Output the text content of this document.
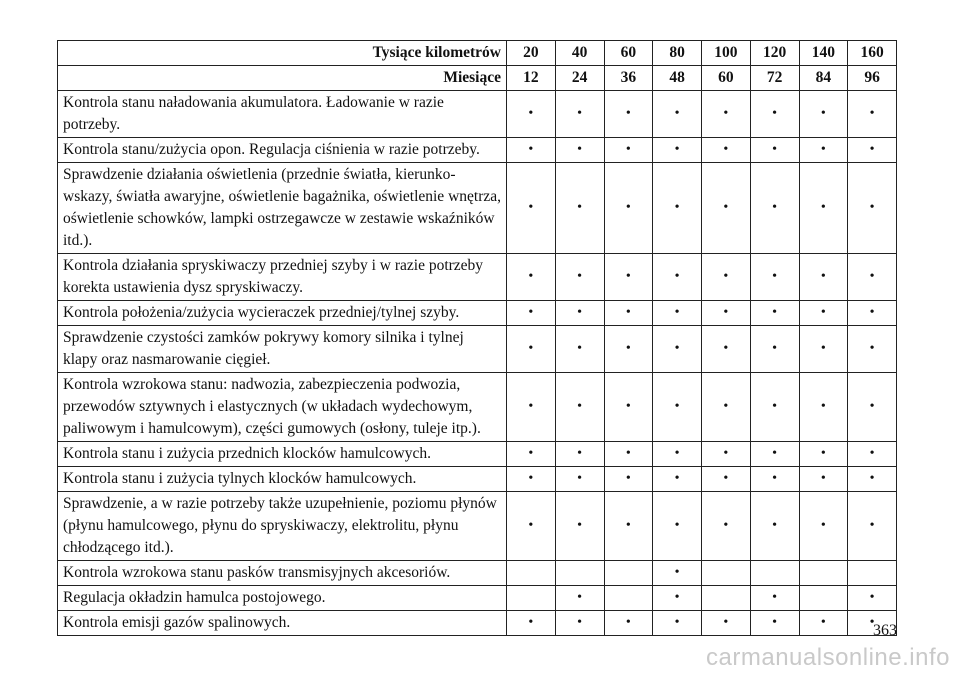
Tysiące kilometrów	20	40	60	80	100	120	140	160
Miesiące	12	24	36	48	60	72	84	96
Kontrola stanu naładowania akumulatora. Ładowanie w razie potrzeby.	•	•	•	•	•	•	•	•
Kontrola stanu/zużycia opon. Regulacja ciśnienia w razie potrzeby.	•	•	•	•	•	•	•	•
Sprawdzenie działania oświetlenia (przednie światła, kierunko-wskazy, światła awaryjne, oświetlenie bagażnika, oświetlenie wnętrza, oświetlenie schowków, lampki ostrzegawcze w zestawie wskaźników itd.).	•	•	•	•	•	•	•	•
Kontrola działania spryskiwaczy przedniej szyby i w razie potrzeby korekta ustawienia dysz spryskiwaczy.	•	•	•	•	•	•	•	•
Kontrola położenia/zużycia wycieraczek przedniej/tylnej szyby.	•	•	•	•	•	•	•	•
Sprawdzenie czystości zamków pokrywy komory silnika i tylnej klapy oraz nasmarowanie cięgieł.	•	•	•	•	•	•	•	•
Kontrola wzrokowa stanu: nadwozia, zabezpieczenia podwozia, przewodów sztywnych i elastycznych (w układach wydechowym, paliwowym i hamulcowym), części gumowych (osłony, tuleje itp.).	•	•	•	•	•	•	•	•
Kontrola stanu i zużycia przednich klocków hamulcowych.	•	•	•	•	•	•	•	•
Kontrola stanu i zużycia tylnych klocków hamulcowych.	•	•	•	•	•	•	•	•
Sprawdzenie, a w razie potrzeby także uzupełnienie, poziomu płynów (płynu hamulcowego, płynu do spryskiwaczy, elektrolitu, płynu chłodzącego itd.).	•	•	•	•	•	•	•	•
Kontrola wzrokowa stanu pasków transmisyjnych akcesoriów.				•				
Regulacja okładzin hamulca postojowego.		•		•		•		•
Kontrola emisji gazów spalinowych.	•	•	•	•	•	•	•	•
363
carmanualsonline.info
